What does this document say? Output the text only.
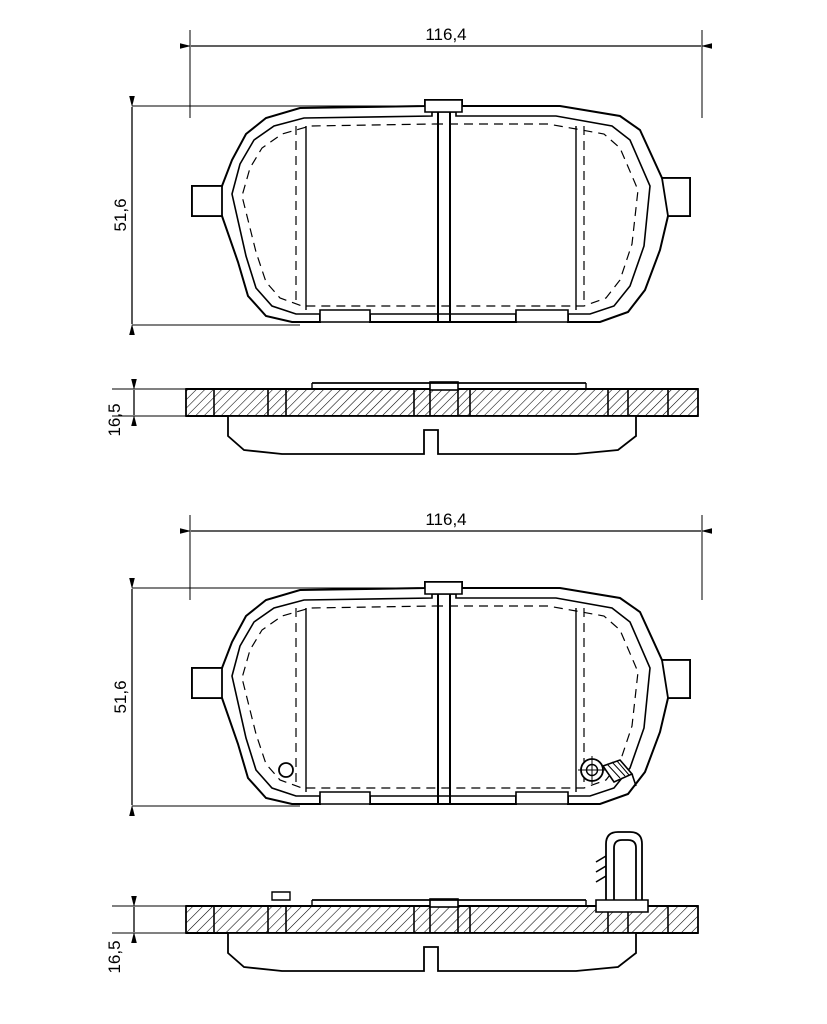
116,4
51,6
16,5
116,4
51,6
16,5
